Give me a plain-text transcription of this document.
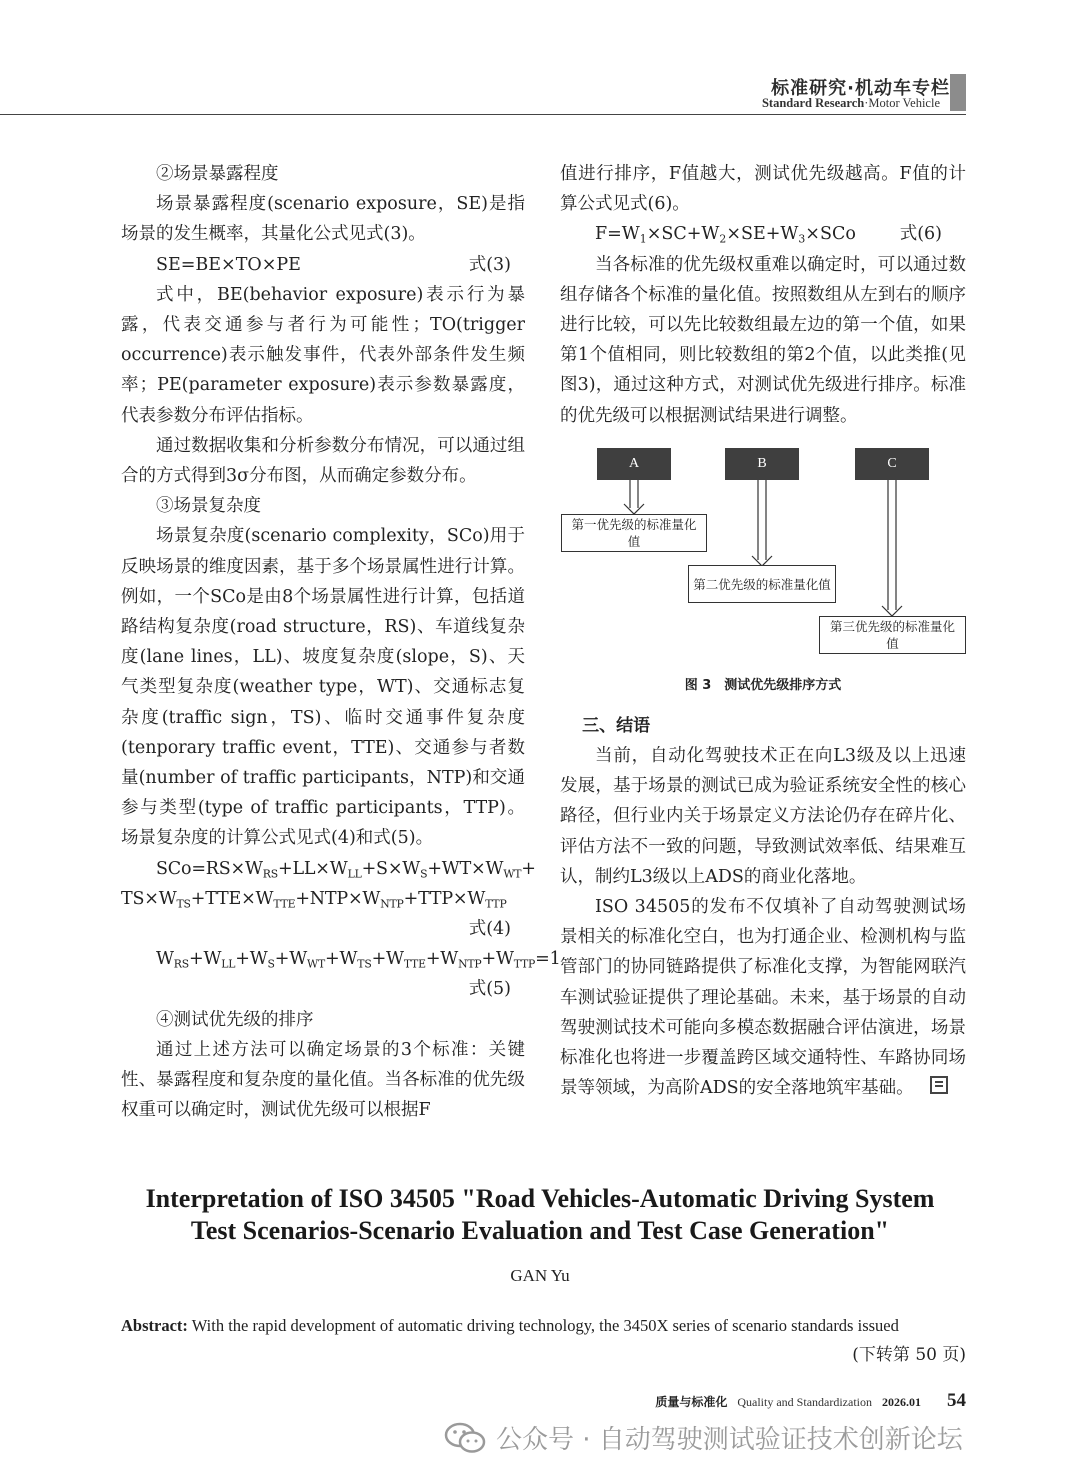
标准研究·机动车专栏
Standard Research·Motor Vehicle

②场景暴露程度

场景暴露程度(scenario exposure，SE)是指场景的发生概率，其量化公式见式(3)。

SE=BE×TO×PE	式(3)

式中，BE(behavior exposure)表示行为暴露，代表交通参与者行为可能性；TO(trigger occurrence)表示触发事件，代表外部条件发生频率；PE(parameter exposure)表示参数暴露度，代表参数分布评估指标。

通过数据收集和分析参数分布情况，可以通过组合的方式得到3σ分布图，从而确定参数分布。

③场景复杂度

场景复杂度(scenario complexity，SCo)用于反映场景的维度因素，基于多个场景属性进行计算。例如，一个SCo是由8个场景属性进行计算，包括道路结构复杂度(road structure，RS)、车道线复杂度(lane lines，LL)、坡度复杂度(slope，S)、天气类型复杂度(weather type，WT)、交通标志复杂度(traffic sign，TS)、临时交通事件复杂度(tenporary traffic event，TTE)、交通参与者数量(number of traffic participants，NTP)和交通参与类型(type of traffic participants，TTP)。场景复杂度的计算公式见式(4)和式(5)。

$SCo=RS\times W_{RS}+LL\times W_{LL}+S\times W_S+WT\times W_{WT}+$
$TS\times W_{TS}+TTE\times W_{TTE}+NTP\times W_{NTP}+TTP\times W_{TTP}$
式(4)
$W_{RS}+W_{LL}+W_S+W_{WT}+W_{TS}+W_{TTE}+W_{NTP}+W_{TTP}=1$
式(5)

④测试优先级的排序

通过上述方法可以确定场景的3个标准：关键性、暴露程度和复杂度的量化值。当各标准的优先级权重可以确定时，测试优先级可以根据F

值进行排序，F值越大，测试优先级越高。F值的计算公式见式(6)。

$F=W_1\times SC+W_2\times SE+W_3\times SCo$	式(6)

当各标准的优先级权重难以确定时，可以通过数组存储各个标准的量化值。按照数组从左到右的顺序进行比较，可以先比较数组最左边的第一个值，如果第1个值相同，则比较数组的第2个值，以此类推(见图3)，通过这种方式，对测试优先级进行排序。标准的优先级可以根据测试结果进行调整。

三、结语

当前，自动化驾驶技术正在向L3级及以上迅速发展，基于场景的测试已成为验证系统安全性的核心路径，但行业内关于场景定义方法论仍存在碎片化、评估方法不一致的问题，导致测试效率低、结果难互认，制约L3级以上ADS的商业化落地。

ISO 34505的发布不仅填补了自动驾驶测试场景相关的标准化空白，也为打通企业、检测机构与监管部门的协同链路提供了标准化支撑，为智能网联汽车测试验证提供了理论基础。未来，基于场景的自动驾驶测试技术可能向多模态数据融合评估演进，场景标准化也将进一步覆盖跨区域交通特性、车路协同场景等领域，为高阶ADS的安全落地筑牢基础。

A	B	C
第一优先级的标准量化值
第二优先级的标准量化值
第三优先级的标准量化值
图 3　测试优先级排序方式
Interpretation of ISO 34505 "Road Vehicles-Automatic Driving System
Test Scenarios-Scenario Evaluation and Test Case Generation"
GAN Yu
Abstract: With the rapid development of automatic driving technology, the 3450X series of scenario standards issued
(下转第 50 页)
质量与标准化 Quality and Standardization 2026.01 54
公众号 · 自动驾驶测试验证技术创新论坛
